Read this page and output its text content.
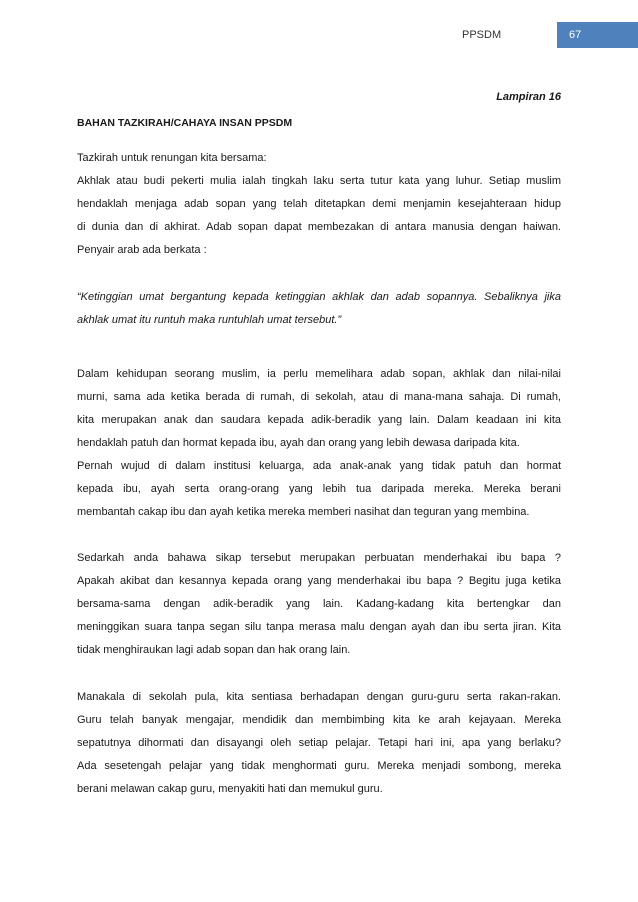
PPSDM	67
Lampiran 16
BAHAN TAZKIRAH/CAHAYA INSAN PPSDM

Tazkirah untuk renungan kita bersama:

Akhlak atau budi pekerti mulia ialah tingkah laku serta tutur kata yang luhur. Setiap muslim

hendaklah menjaga adab sopan yang telah ditetapkan demi menjamin kesejahteraan hidup

di dunia dan di akhirat. Adab sopan dapat membezakan di antara manusia dengan haiwan.

Penyair arab ada berkata :

“Ketinggian umat bergantung kepada ketinggian akhlak dan adab sopannya. Sebaliknya jika

akhlak umat itu runtuh maka runtuhlah umat tersebut.”

Dalam kehidupan seorang muslim, ia perlu memelihara adab sopan, akhlak dan nilai-nilai

murni, sama ada ketika berada di rumah, di sekolah, atau di mana-mana sahaja. Di rumah,

kita merupakan anak dan saudara kepada adik-beradik yang lain. Dalam keadaan ini kita

hendaklah patuh dan hormat kepada ibu, ayah dan orang yang lebih dewasa daripada kita.

Pernah wujud di dalam institusi keluarga, ada anak-anak yang tidak patuh dan hormat

kepada ibu, ayah serta orang-orang yang lebih tua daripada mereka. Mereka berani

membantah cakap ibu dan ayah ketika mereka memberi nasihat dan teguran yang membina.

Sedarkah anda bahawa sikap tersebut merupakan perbuatan menderhakai ibu bapa ?

Apakah akibat dan kesannya kepada orang yang menderhakai ibu bapa ? Begitu juga ketika

bersama-sama dengan adik-beradik yang lain. Kadang-kadang kita bertengkar dan

meninggikan suara tanpa segan silu tanpa merasa malu dengan ayah dan ibu serta jiran. Kita

tidak menghiraukan lagi adab sopan dan hak orang lain.

Manakala di sekolah pula, kita sentiasa berhadapan dengan guru-guru serta rakan-rakan.

Guru telah banyak mengajar, mendidik dan membimbing kita ke arah kejayaan. Mereka

sepatutnya dihormati dan disayangi oleh setiap pelajar. Tetapi hari ini, apa yang berlaku?

Ada sesetengah pelajar yang tidak menghormati guru. Mereka menjadi sombong, mereka

berani melawan cakap guru, menyakiti hati dan memukul guru.
